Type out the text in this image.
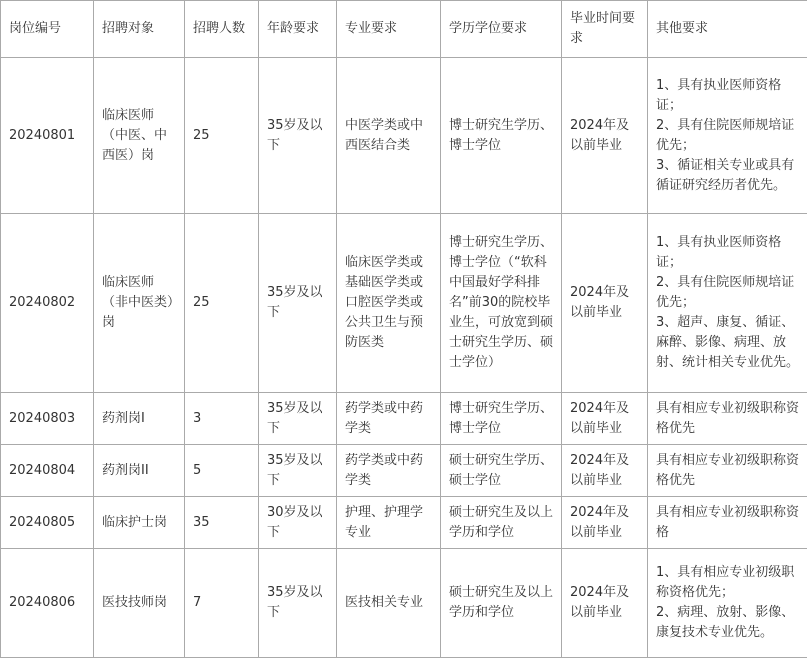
岗位编号	招聘对象	招聘人数	年龄要求	专业要求	学历学位要求	毕业时间要求	其他要求
20240801	临床医师（中医、中西医）岗	25	35岁及以下	中医学类或中西医结合类	博士研究生学历、博士学位	2024年及以前毕业	1、具有执业医师资格证；
2、具有住院医师规培证优先；
3、循证相关专业或具有循证研究经历者优先。

20240802	临床医师（非中医类）岗	25	35岁及以下	临床医学类或基础医学类或口腔医学类或公共卫生与预防医类	博士研究生学历、博士学位（“软科中国最好学科排名”前30的院校毕业生，可放宽到硕士研究生学历、硕士学位）	2024年及以前毕业	1、具有执业医师资格证；
2、具有住院医师规培证优先；
3、超声、康复、循证、麻醉、影像、病理、放射、统计相关专业优先。

20240803	药剂岗I	3	35岁及以下	药学类或中药学类	博士研究生学历、博士学位	2024年及以前毕业	具有相应专业初级职称资格优先

20240804	药剂岗II	5	35岁及以下	药学类或中药学类	硕士研究生学历、硕士学位	2024年及以前毕业	具有相应专业初级职称资格优先

20240805	临床护士岗	35	30岁及以下	护理、护理学专业	硕士研究生及以上学历和学位	2024年及以前毕业	具有相应专业初级职称资格

20240806	医技技师岗	7	35岁及以下	医技相关专业	硕士研究生及以上学历和学位	2024年及以前毕业	1、具有相应专业初级职称资格优先；
2、病理、放射、影像、康复技术专业优先。
